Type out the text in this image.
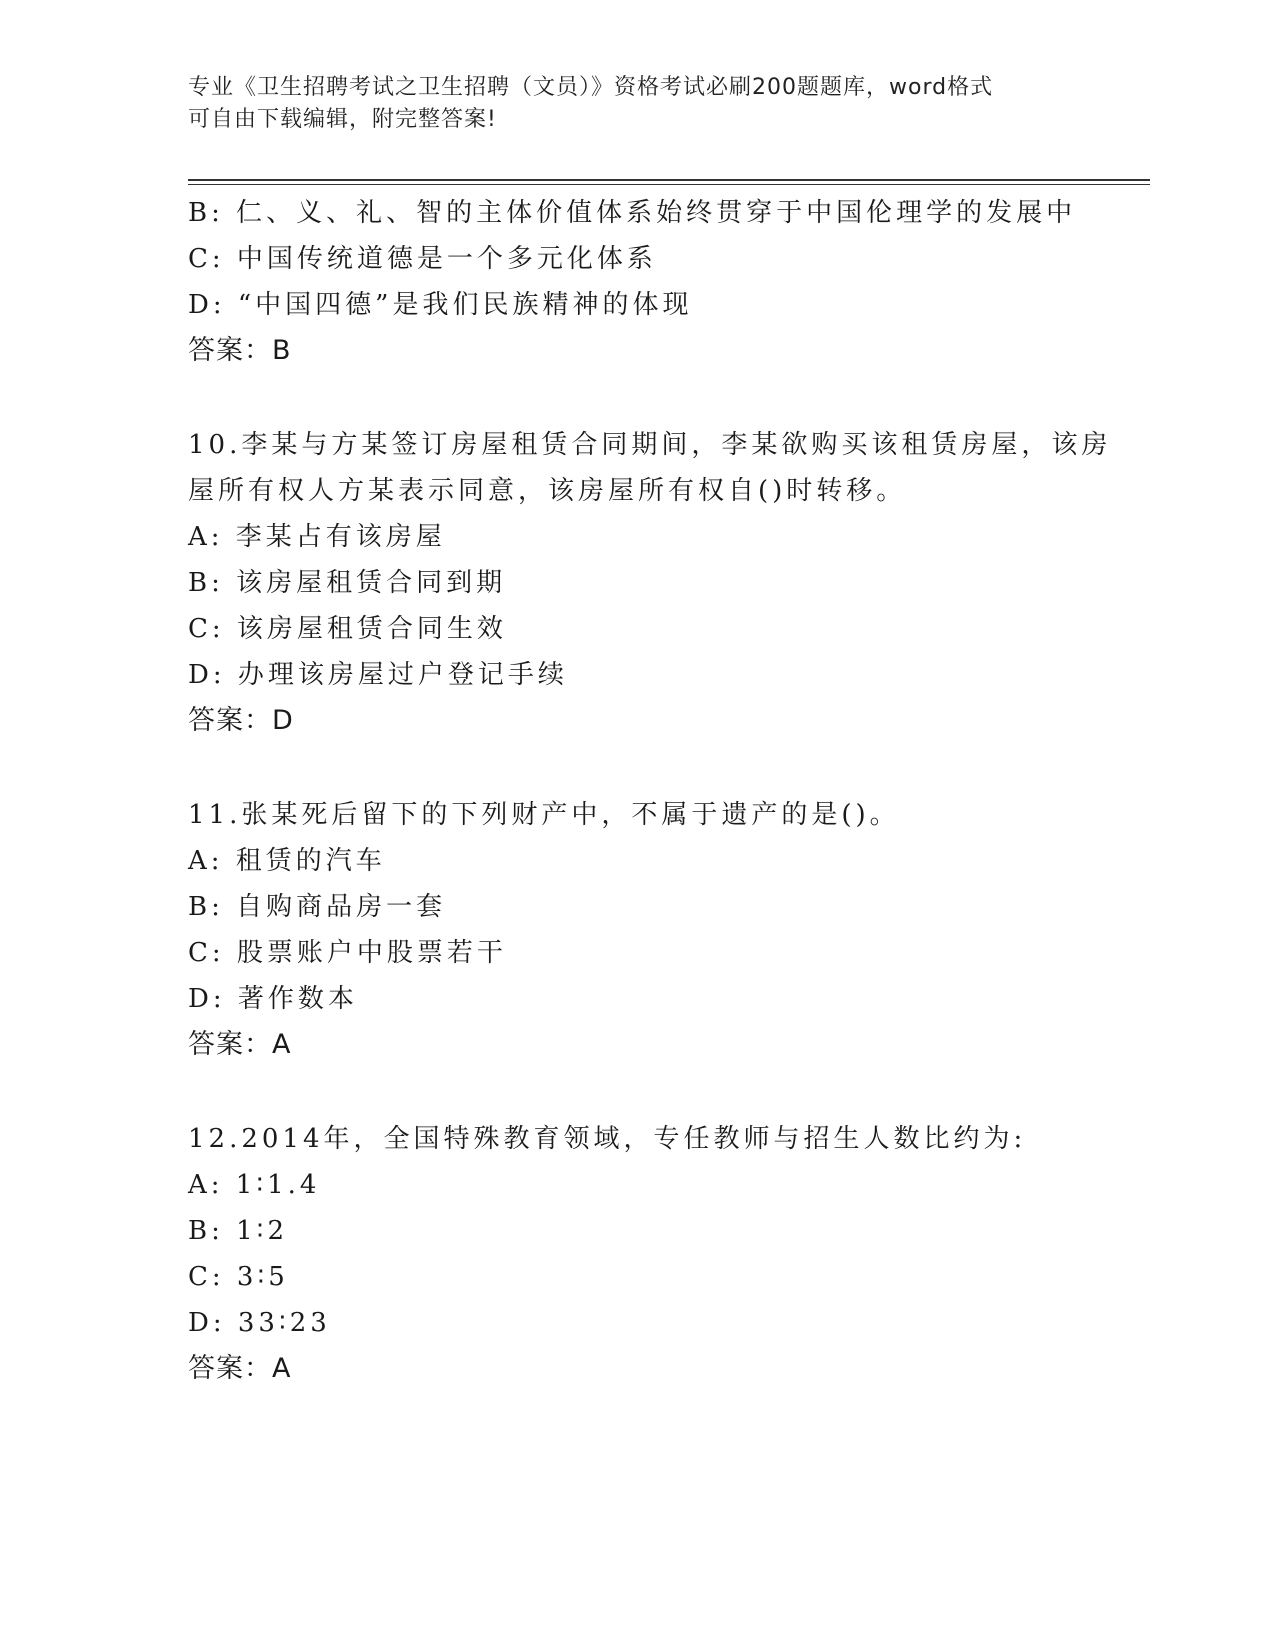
专业《卫生招聘考试之卫生招聘（文员）》资格考试必刷200题题库，word格式
可自由下载编辑，附完整答案!
B: 仁、义、礼、智的主体价值体系始终贯穿于中国伦理学的发展中
C: 中国传统道德是一个多元化体系
D: “中国四德”是我们民族精神的体现
答案：B
10.李某与方某签订房屋租赁合同期间，李某欲购买该租赁房屋，该房
屋所有权人方某表示同意，该房屋所有权自()时转移。
A: 李某占有该房屋
B: 该房屋租赁合同到期
C: 该房屋租赁合同生效
D: 办理该房屋过户登记手续
答案：D
11.张某死后留下的下列财产中，不属于遗产的是()。
A: 租赁的汽车
B: 自购商品房一套
C: 股票账户中股票若干
D: 著作数本
答案：A
12.2014年，全国特殊教育领域，专任教师与招生人数比约为:
A: 1∶1.4
B: 1∶2
C: 3∶5
D: 33∶23
答案：A
